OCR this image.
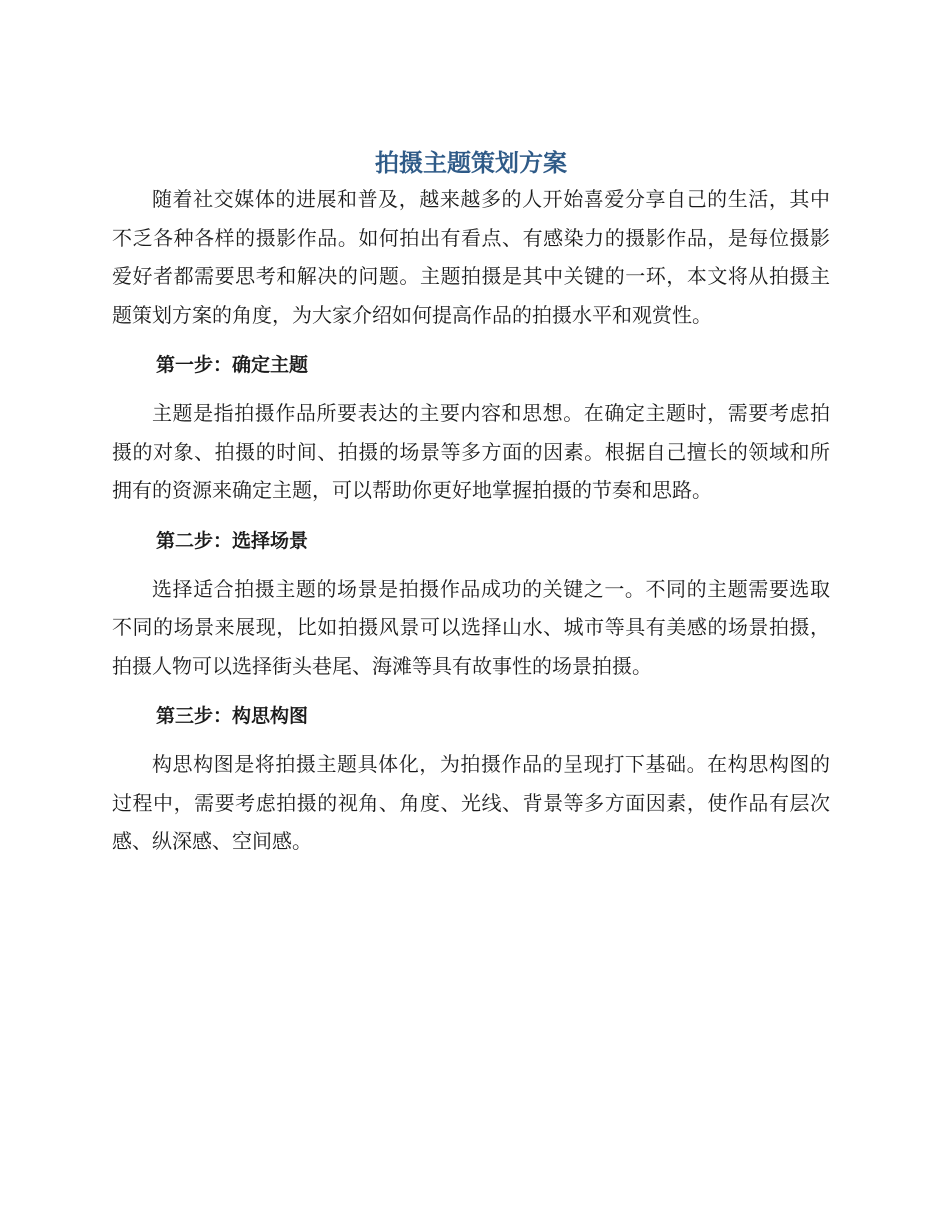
拍摄主题策划方案

随着社交媒体的进展和普及，越来越多的人开始喜爱分享自己的生活，其中不乏各种各样的摄影作品。如何拍出有看点、有感染力的摄影作品，是每位摄影爱好者都需要思考和解决的问题。主题拍摄是其中关键的一环，本文将从拍摄主题策划方案的角度，为大家介绍如何提高作品的拍摄水平和观赏性。

第一步：确定主题

主题是指拍摄作品所要表达的主要内容和思想。在确定主题时，需要考虑拍摄的对象、拍摄的时间、拍摄的场景等多方面的因素。根据自己擅长的领域和所拥有的资源来确定主题，可以帮助你更好地掌握拍摄的节奏和思路。

第二步：选择场景

选择适合拍摄主题的场景是拍摄作品成功的关键之一。不同的主题需要选取不同的场景来展现，比如拍摄风景可以选择山水、城市等具有美感的场景拍摄，拍摄人物可以选择街头巷尾、海滩等具有故事性的场景拍摄。

第三步：构思构图

构思构图是将拍摄主题具体化，为拍摄作品的呈现打下基础。在构思构图的过程中，需要考虑拍摄的视角、角度、光线、背景等多方面因素，使作品有层次感、纵深感、空间感。
